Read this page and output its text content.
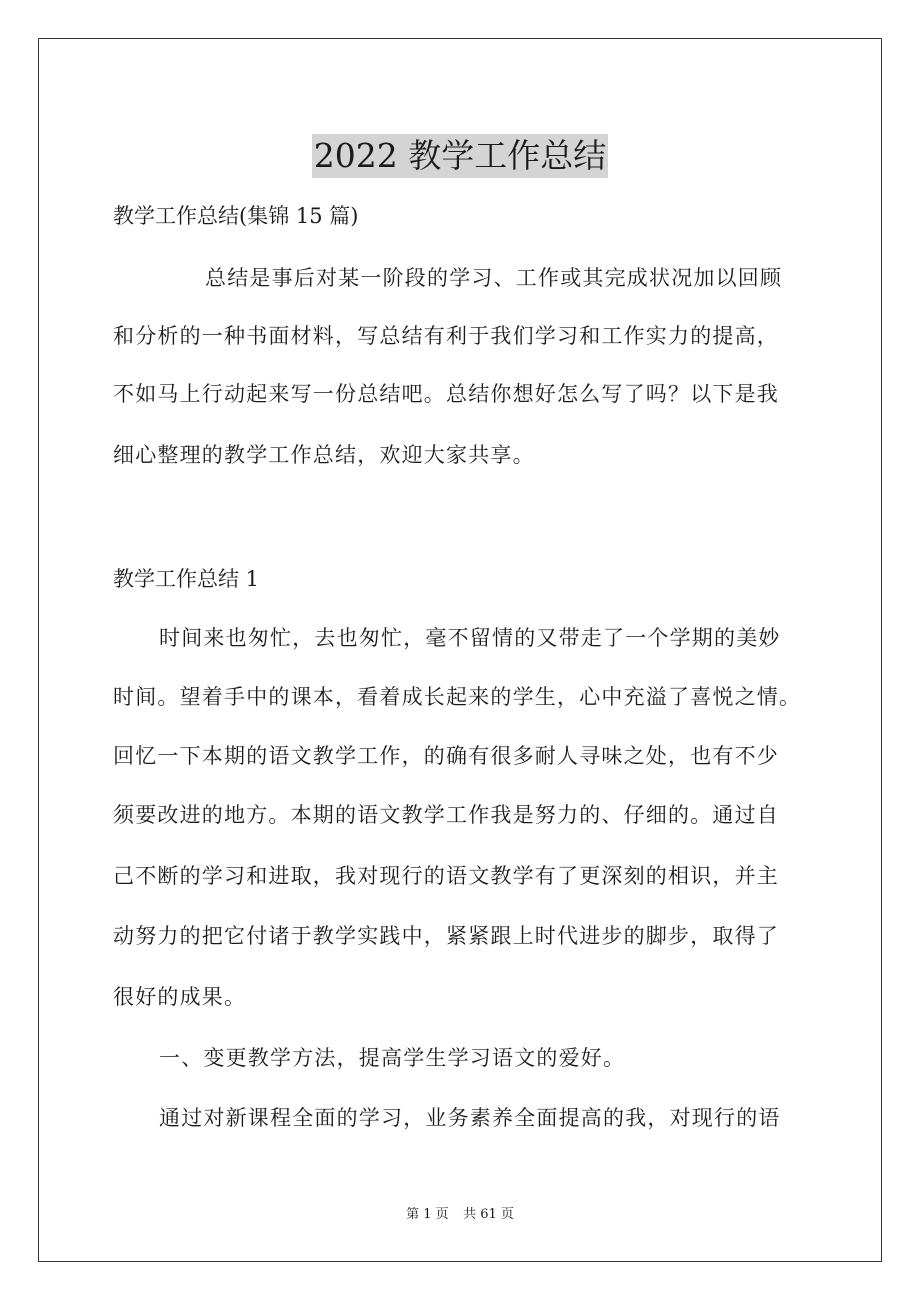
2022 教学工作总结
教学工作总结(集锦 15 篇)
总结是事后对某一阶段的学习、工作或其完成状况加以回顾
和分析的一种书面材料，写总结有利于我们学习和工作实力的提高，
不如马上行动起来写一份总结吧。总结你想好怎么写了吗？以下是我
细心整理的教学工作总结，欢迎大家共享。
教学工作总结 1
时间来也匆忙，去也匆忙，毫不留情的又带走了一个学期的美妙
时间。望着手中的课本，看着成长起来的学生，心中充溢了喜悦之情。
回忆一下本期的语文教学工作，的确有很多耐人寻味之处，也有不少
须要改进的地方。本期的语文教学工作我是努力的、仔细的。通过自
己不断的学习和进取，我对现行的语文教学有了更深刻的相识，并主
动努力的把它付诸于教学实践中，紧紧跟上时代进步的脚步，取得了
很好的成果。
一、变更教学方法，提高学生学习语文的爱好。
通过对新课程全面的学习，业务素养全面提高的我，对现行的语
第 1 页 共 61 页
